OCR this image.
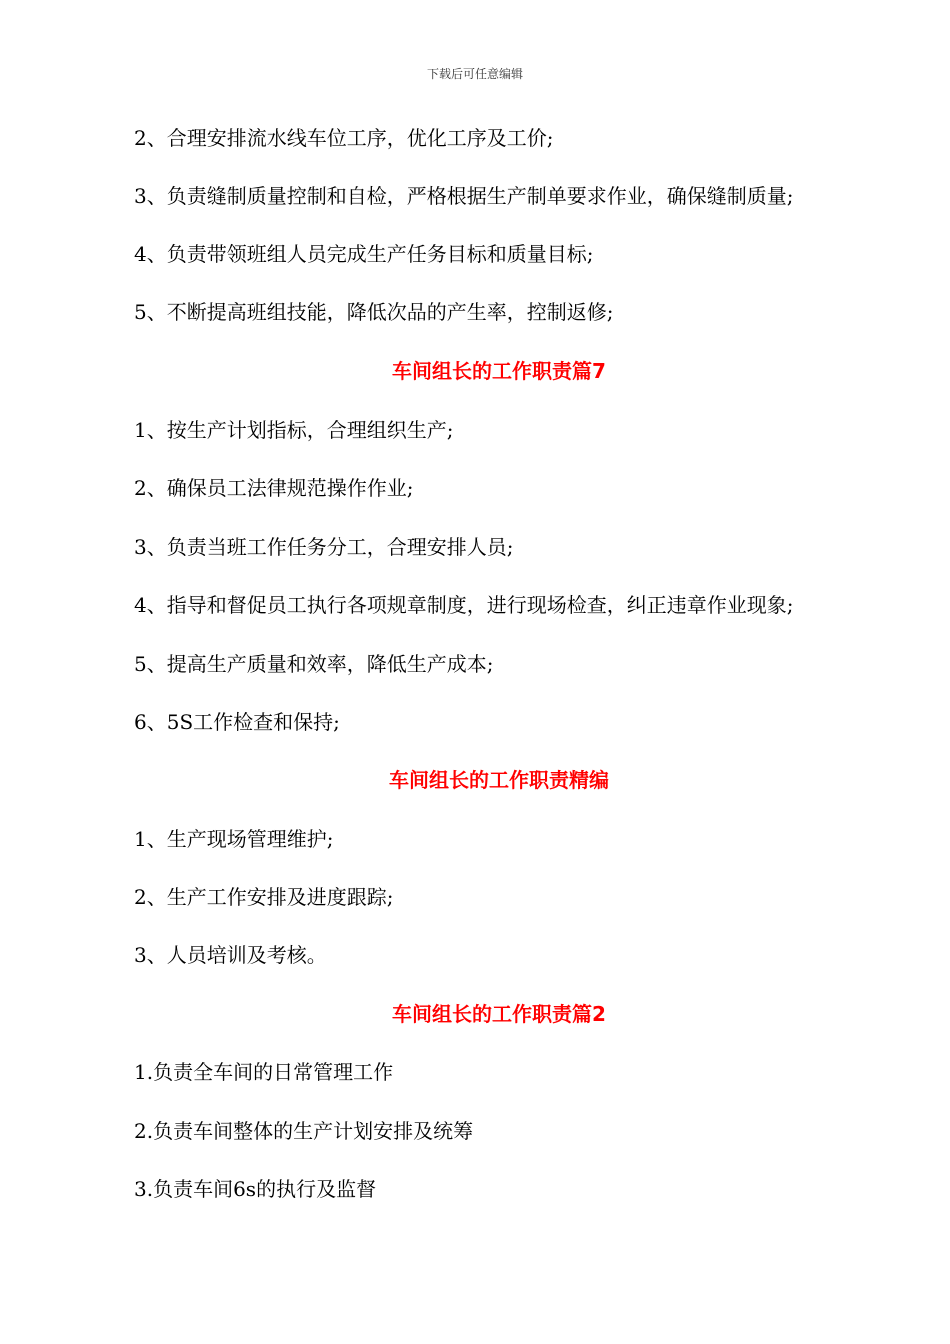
下载后可任意编辑
2、合理安排流水线车位工序，优化工序及工价;
3、负责缝制质量控制和自检，严格根据生产制单要求作业，确保缝制质量;
4、负责带领班组人员完成生产任务目标和质量目标;
5、不断提高班组技能，降低次品的产生率，控制返修;
车间组长的工作职责篇7
1、按生产计划指标，合理组织生产;
2、确保员工法律规范操作作业;
3、负责当班工作任务分工，合理安排人员;
4、指导和督促员工执行各项规章制度，进行现场检查，纠正违章作业现象;
5、提高生产质量和效率，降低生产成本;
6、5S工作检查和保持;
车间组长的工作职责精编
1、生产现场管理维护;
2、生产工作安排及进度跟踪;
3、人员培训及考核。
车间组长的工作职责篇2
1.负责全车间的日常管理工作
2.负责车间整体的生产计划安排及统筹
3.负责车间6s的执行及监督
